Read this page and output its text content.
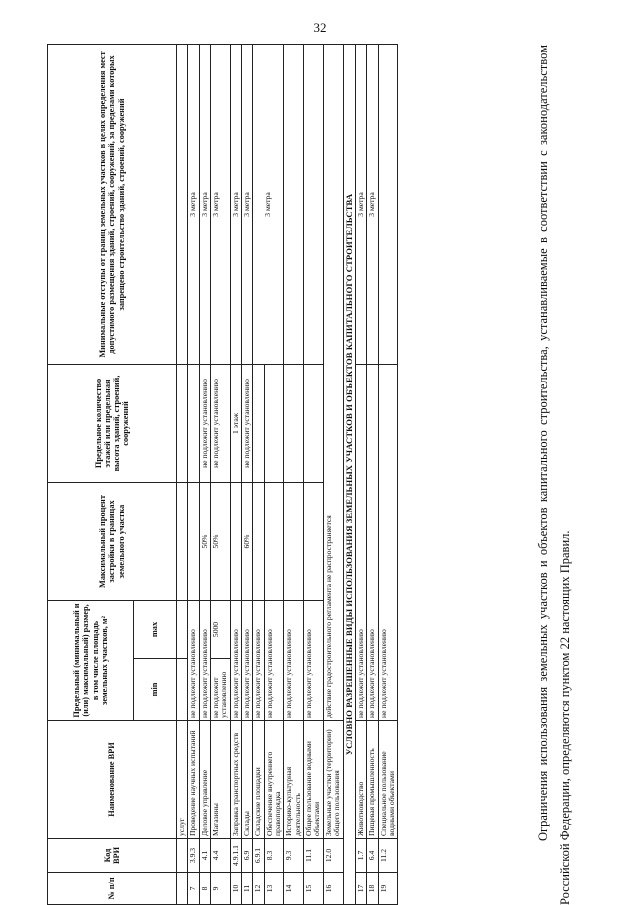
32
№ п/п	Код ВРИ	Наименование ВРИ	Предельный (минимальный и (или) максимальный) размер, в том числе площадь земельных участков, м²		Максимальный процент застройки в границах земельного участка	Предельное количество этажей или предельная высота зданий, строений, сооружений	Минимальные отступы от границ земельных участков в целях определения мест допустимого размещения зданий, строений, сооружений, за пределами которых запрещено строительство зданий, строений, сооружений
			min	max			
		услуг					
7	3.9.3	Проведение научных испытаний	не подлежит установлению				3 метра
8	4.1	Деловое управление	не подлежит установлению		50%	не подлежит установлению	3 метра
9	4.4	Магазины	не подлежит установлению	5000	50%	не подлежит установлению	3 метра
10	4.9.1.1	Заправка транспортных средств	не подлежит установлению			1 этаж	3 метра
11	6.9	Склады	не подлежит установлению		60%	не подлежит установлению	3 метра
12	6.9.1	Складские площадки	не подлежит установлению				3 метра
13	8.3	Обеспечение внутреннего правопорядка	не подлежит установлению				
14	9.3	Историко-культурная деятельность	не подлежит установлению				
15	11.1	Общее пользование водными объектами	не подлежит установлению				
16	12.0	Земельные участки (территории) общего пользования	действие градостроительного регламента не распространяется				
УСЛОВНО РАЗРЕШЕННЫЕ ВИДЫ ИСПОЛЬЗОВАНИЯ ЗЕМЕЛЬНЫХ УЧАСТКОВ И ОБЪЕКТОВ КАПИТАЛЬНОГО СТРОИТЕЛЬСТВА							
17	1.7	Животноводство	не подлежит установлению				3 метра
18	6.4	Пищевая промышленность	не подлежит установлению				3 метра
19	11.2	Специальное пользование водными объектами	не подлежит установлению					Ограничения использования земельных участков и объектов капитального строительства, устанавливаемые в соответствии с законодательством Российской Федерации, определяются пунктом 22 настоящих Правил.
